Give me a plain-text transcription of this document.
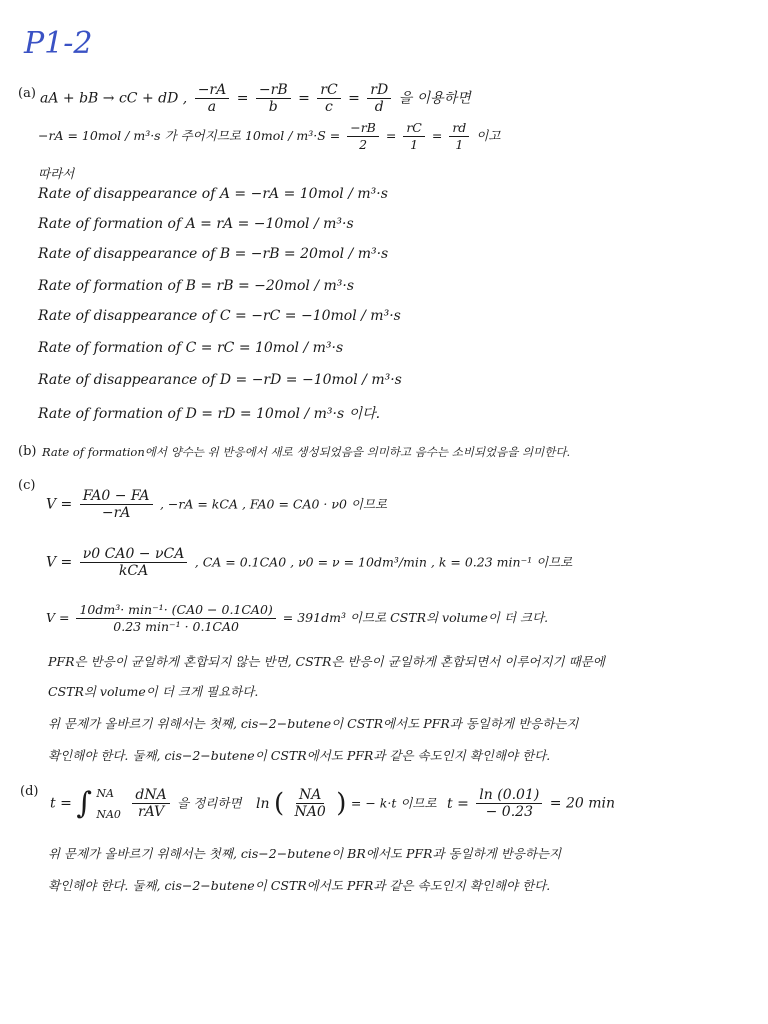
P1-2
(a) aA + bB → cC + dD , $\frac{-rA}{a} = \frac{-rB}{b} = \frac{rC}{c} = \frac{rD}{d}$ 을 이용하면
−rA = 10mol / m³·s 가 주어지므로 $10mol / m^3\cdot S = \frac{-rB}{2} = \frac{rC}{1} = \frac{rd}{1}$ 이고
따라서
Rate of disappearance of A = −rA = 10mol / m³·s
Rate of formation of A = rA = −10mol / m³·s
Rate of disappearance of B = −rB = 20mol / m³·s
Rate of formation of B = rB = −20mol / m³·s
Rate of disappearance of C = −rC = −10mol / m³·s
Rate of formation of C = rC = 10mol / m³·s
Rate of disappearance of D = −rD = −10mol / m³·s
Rate of formation of D = rD = 10mol / m³·s 이다.
(b) Rate of formation에서 양수는 위 반응에서 새로 생성되었음을 의미하고 음수는 소비되었음을 의미한다.
(c)
$V = \frac{FA0 - FA}{-rA}$ , −rA = kCA , FA0 = CA0 · ν0 이므로
$V = \frac{\text{ν0 CA0 − νCA}}{\text{kCA}}$ , CA = 0.1CA0 , ν0 = ν = 10dm³/min , k = 0.23 min⁻¹ 이므로
$V = \frac{\text{10dm³· min⁻¹· (CA0 − 0.1CA0)}}{\text{0.23 min⁻¹ · 0.1CA0}} = 391dm^3$ 이므로 CSTR의 volume이 더 크다.
PFR은 반응이 균일하게 혼합되지 않는 반면, CSTR은 반응이 균일하게 혼합되면서 이루어지기 때문에
CSTR의 volume이 더 크게 필요하다.
위 문제가 올바르기 위해서는 첫째, cis−2−butene이 CSTR에서도 PFR과 동일하게 반응하는지
확인해야 한다. 둘째, cis−2−butene이 CSTR에서도 PFR과 같은 속도인지 확인해야 한다.
(d)
t = ∫ NA
NA0
$\frac{\text{dNA}}{\text{rAV}}$ 을 정리하면 ln ( $\frac{NA}{NA0}$ ) = − k·t 이므로 $t = \frac{\ln (0.01)}{- 0.23} = 20$ min
위 문제가 올바르기 위해서는 첫째, cis−2−butene이 BR에서도 PFR과 동일하게 반응하는지
확인해야 한다. 둘째, cis−2−butene이 CSTR에서도 PFR과 같은 속도인지 확인해야 한다.
